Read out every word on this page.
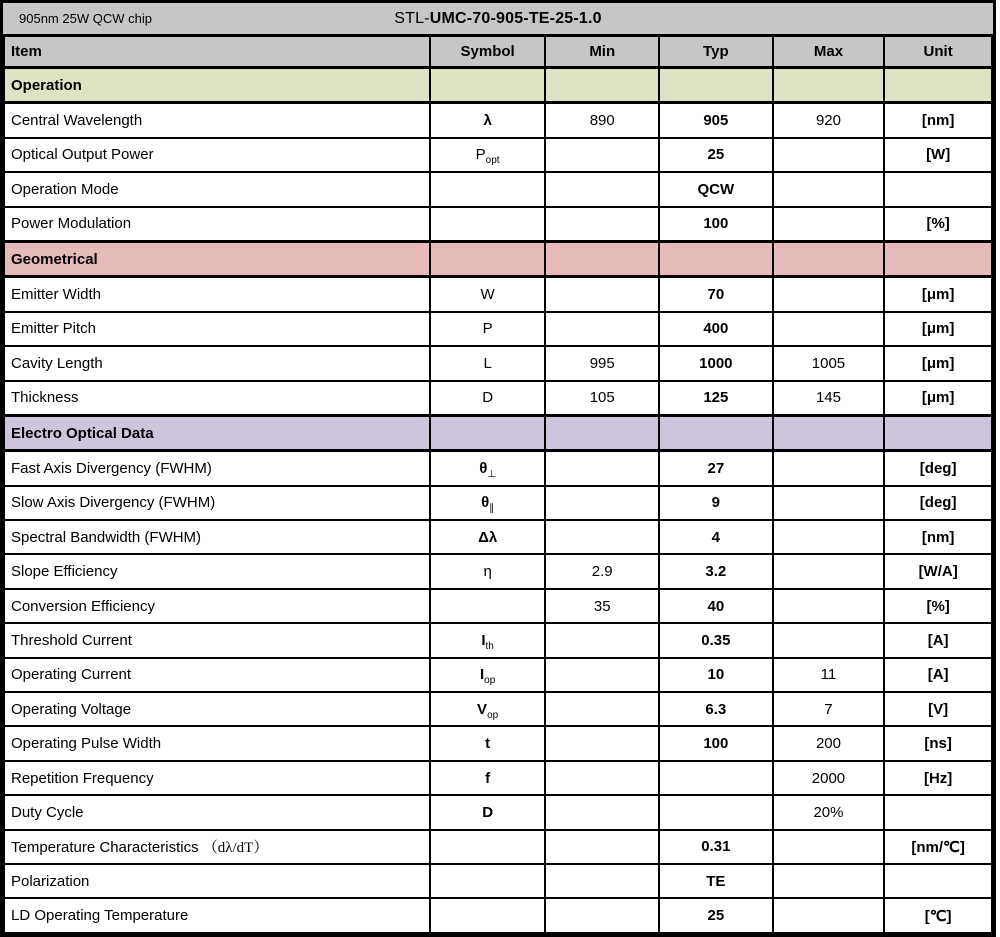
905nm 25W QCW chip	STL-UMC-70-905-TE-25-1.0
Item	Symbol	Min	Typ	Max	Unit
Operation					
Central Wavelength	λ	890	905	920	[nm]
Optical Output Power	$P_{opt}$		25		[W]
Operation Mode			QCW		
Power Modulation			100		[%]
Geometrical					
Emitter Width	W		70		[μm]
Emitter Pitch	P		400		[μm]
Cavity Length	L	995	1000	1005	[μm]
Thickness	D	105	125	145	[μm]
Electro Optical Data					
Fast Axis Divergency (FWHM)	$\theta_\perp$		27		[deg]
Slow Axis Divergency (FWHM)	$\theta_\parallel$		9		[deg]
Spectral Bandwidth (FWHM)	Δλ		4		[nm]
Slope Efficiency	η	2.9	3.2		[W/A]
Conversion Efficiency		35	40		[%]
Threshold Current	$I_{th}$		0.35		[A]
Operating Current	$I_{op}$		10	11	[A]
Operating Voltage	$V_{op}$		6.3	7	[V]
Operating Pulse Width	t		100	200	[ns]
Repetition Frequency	f			2000	[Hz]
Duty Cycle	D			20%	
Temperature Characteristics （dλ/dT）			0.31		[nm/℃]
Polarization			TE		
LD Operating Temperature			25		[℃]
